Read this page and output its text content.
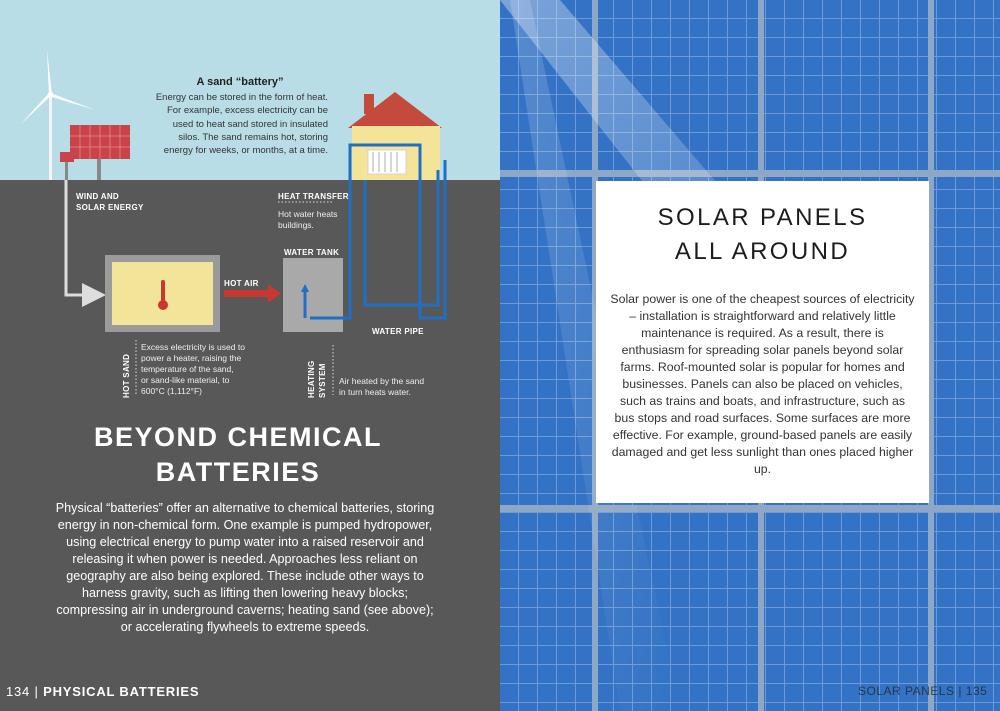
A sand “battery”
Energy can be stored in the form of heat. For example, excess electricity can be used to heat sand stored in insulated silos. The sand remains hot, storing energy for weeks, or months, at a time.
WIND AND
SOLAR ENERGY
HEAT TRANSFER
Hot water heats
buildings.
WATER TANK
HOT AIR
WATER PIPE
HOT SAND
Excess electricity is used to
power a heater, raising the
temperature of the sand,
or sand-like material, to
600°C (1,112°F)	HEATING SYSTEM Air heated by the sand
in turn heats water.
BEYOND CHEMICAL
BATTERIES
Physical “batteries” offer an alternative to chemical batteries, storing energy in non-chemical form. One example is pumped hydropower, using electrical energy to pump water into a raised reservoir and releasing it when power is needed. Approaches less reliant on geography are also being explored. These include other ways to harness gravity, such as lifting then lowering heavy blocks; compressing air in underground caverns; heating sand (see above); or accelerating flywheels to extreme speeds.
134 | PHYSICAL BATTERIES
SOLAR PANELS
ALL AROUND
Solar power is one of the cheapest sources of electricity – installation is straightforward and relatively little maintenance is required. As a result, there is enthusiasm for spreading solar panels beyond solar farms. Roof-mounted solar is popular for homes and businesses. Panels can also be placed on vehicles, such as trains and boats, and infrastructure, such as bus stops and road surfaces. Some surfaces are more effective. For example, ground-based panels are easily damaged and get less sunlight than ones placed higher up.
SOLAR PANELS | 135
